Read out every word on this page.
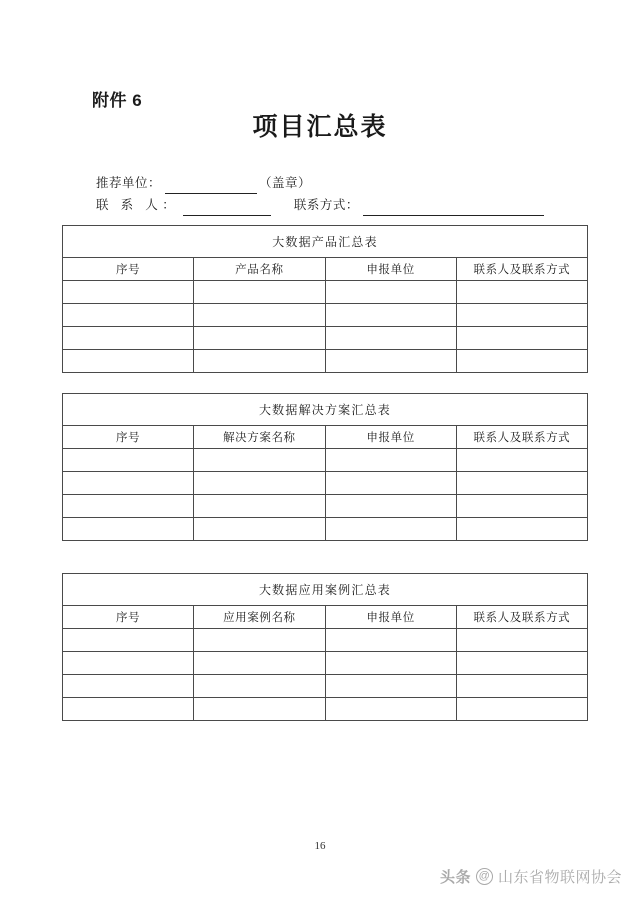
附件 6
项目汇总表
推荐单位：	（盖章）
联 系 人：	联系方式：
大数据产品汇总表			
序号	产品名称	申报单位	联系人及联系方式

大数据解决方案汇总表			
序号	解决方案名称	申报单位	联系人及联系方式

大数据应用案例汇总表			
序号	应用案例名称	申报单位	联系人及联系方式

16
头条 @ 山东省物联网协会
